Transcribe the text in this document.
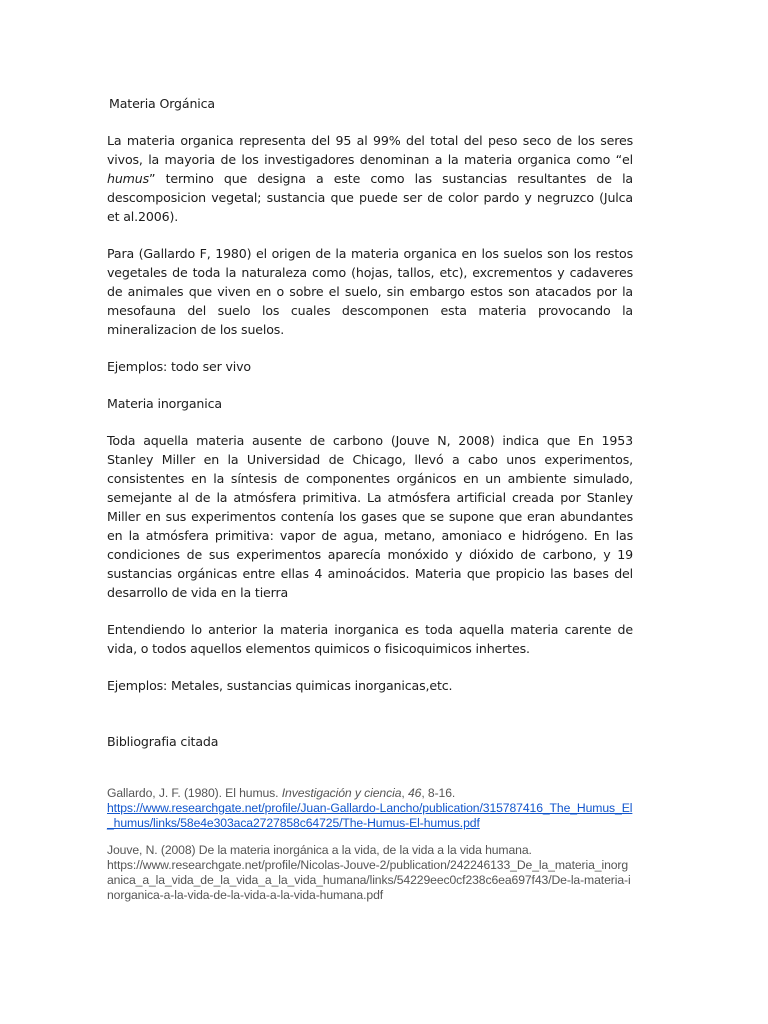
Materia Orgánica

La materia organica representa del 95 al 99% del total del peso seco de los seres vivos, la mayoria de los investigadores denominan a la materia organica como “el humus” termino que designa a este como las sustancias resultantes de la descomposicion vegetal; sustancia que puede ser de color pardo y negruzco (Julca et al.2006).

Para (Gallardo F, 1980) el origen de la materia organica en los suelos son los restos vegetales de toda la naturaleza como (hojas, tallos, etc), excrementos y cadaveres de animales que viven en o sobre el suelo, sin embargo estos son atacados por la mesofauna del suelo los cuales descomponen esta materia provocando la mineralizacion de los suelos.

Ejemplos: todo ser vivo

Materia inorganica

Toda aquella materia ausente de carbono (Jouve N, 2008) indica que En 1953 Stanley Miller en la Universidad de Chicago, llevó a cabo unos experimentos, consistentes en la síntesis de componentes orgánicos en un ambiente simulado, semejante al de la atmósfera primitiva. La atmósfera artificial creada por Stanley Miller en sus experimentos contenía los gases que se supone que eran abundantes en la atmósfera primitiva: vapor de agua, metano, amoniaco e hidrógeno. En las condiciones de sus experimentos aparecía monóxido y dióxido de carbono, y 19 sustancias orgánicas entre ellas 4 aminoácidos. Materia que propicio las bases del desarrollo de vida en la tierra

Entendiendo lo anterior la materia inorganica es toda aquella materia carente de vida, o todos aquellos elementos quimicos o fisicoquimicos inhertes.

Ejemplos: Metales, sustancias quimicas inorganicas,etc.

Bibliografia citada

Gallardo, J. F. (1980). El humus. Investigación y ciencia, 46, 8-16.
https://www.researchgate.net/profile/Juan-Gallardo-Lancho/publication/315787416_The_Humus_El_humus/links/58e4e303aca2727858c64725/The-Humus-El-humus.pdf

Jouve, N. (2008) De la materia inorgánica a la vida, de la vida a la vida humana.
https://www.researchgate.net/profile/Nicolas-Jouve-2/publication/242246133_De_la_materia_inorganica_a_la_vida_de_la_vida_a_la_vida_humana/links/54229eec0cf238c6ea697f43/De-la-materia-inorganica-a-la-vida-de-la-vida-a-la-vida-humana.pdf
